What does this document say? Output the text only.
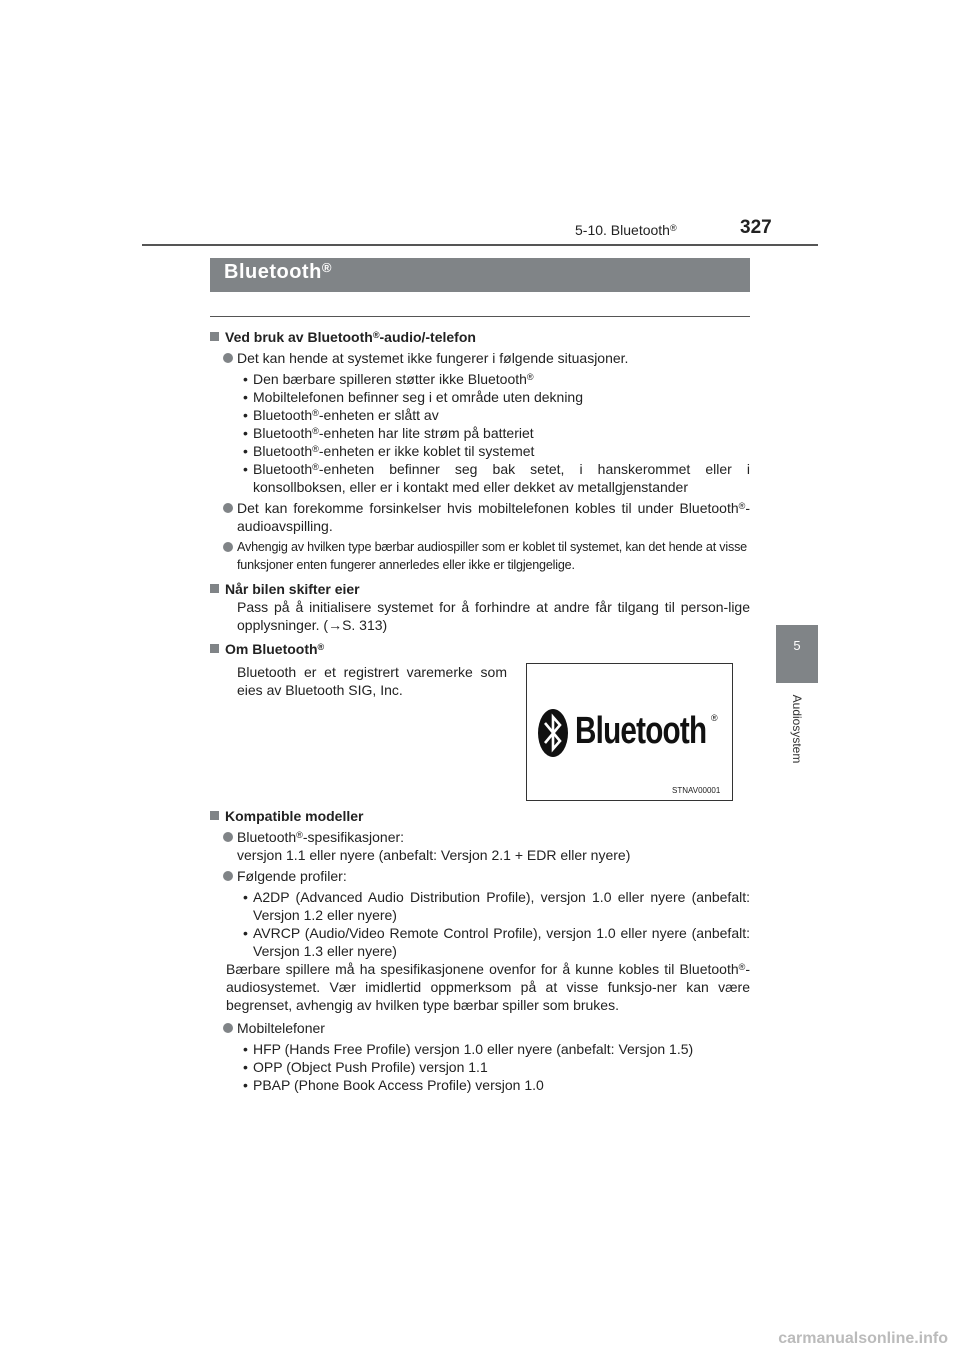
5-10. Bluetooth®	327
5
Audiosystem
Bluetooth®
Ved bruk av Bluetooth®-audio/-telefon
Det kan hende at systemet ikke fungerer i følgende situasjoner.
• Den bærbare spilleren støtter ikke Bluetooth®
• Mobiltelefonen befinner seg i et område uten dekning
• Bluetooth®-enheten er slått av
• Bluetooth®-enheten har lite strøm på batteriet
• Bluetooth®-enheten er ikke koblet til systemet
• Bluetooth®-enheten befinner seg bak setet, i hanskerommet eller i konsollboksen, eller er i kontakt med eller dekket av metallgjenstander
Det kan forekomme forsinkelser hvis mobiltelefonen kobles til under Bluetooth®-audioavspilling.
Avhengig av hvilken type bærbar audiospiller som er koblet til systemet, kan det hende at visse funksjoner enten fungerer annerledes eller ikke er tilgjengelige.
Når bilen skifter eier
Pass på å initialisere systemet for å forhindre at andre får tilgang til person-lige opplysninger. (→S. 313)
Om Bluetooth®
Bluetooth er et registrert varemerke som eies av Bluetooth SIG, Inc.
Kompatible modeller
Bluetooth®-spesifikasjoner:
versjon 1.1 eller nyere (anbefalt: Versjon 2.1 + EDR eller nyere)
Følgende profiler:
• A2DP (Advanced Audio Distribution Profile), versjon 1.0 eller nyere (anbefalt: Versjon 1.2 eller nyere)
• AVRCP (Audio/Video Remote Control Profile), versjon 1.0 eller nyere (anbefalt: Versjon 1.3 eller nyere)
Bærbare spillere må ha spesifikasjonene ovenfor for å kunne kobles til Bluetooth®-audiosystemet. Vær imidlertid oppmerksom på at visse funksjo-ner kan være begrenset, avhengig av hvilken type bærbar spiller som brukes.
Mobiltelefoner
• HFP (Hands Free Profile) versjon 1.0 eller nyere (anbefalt: Versjon 1.5)
• OPP (Object Push Profile) versjon 1.1
• PBAP (Phone Book Access Profile) versjon 1.0
Bluetooth ®
STNAV00001
carmanualsonline.info
